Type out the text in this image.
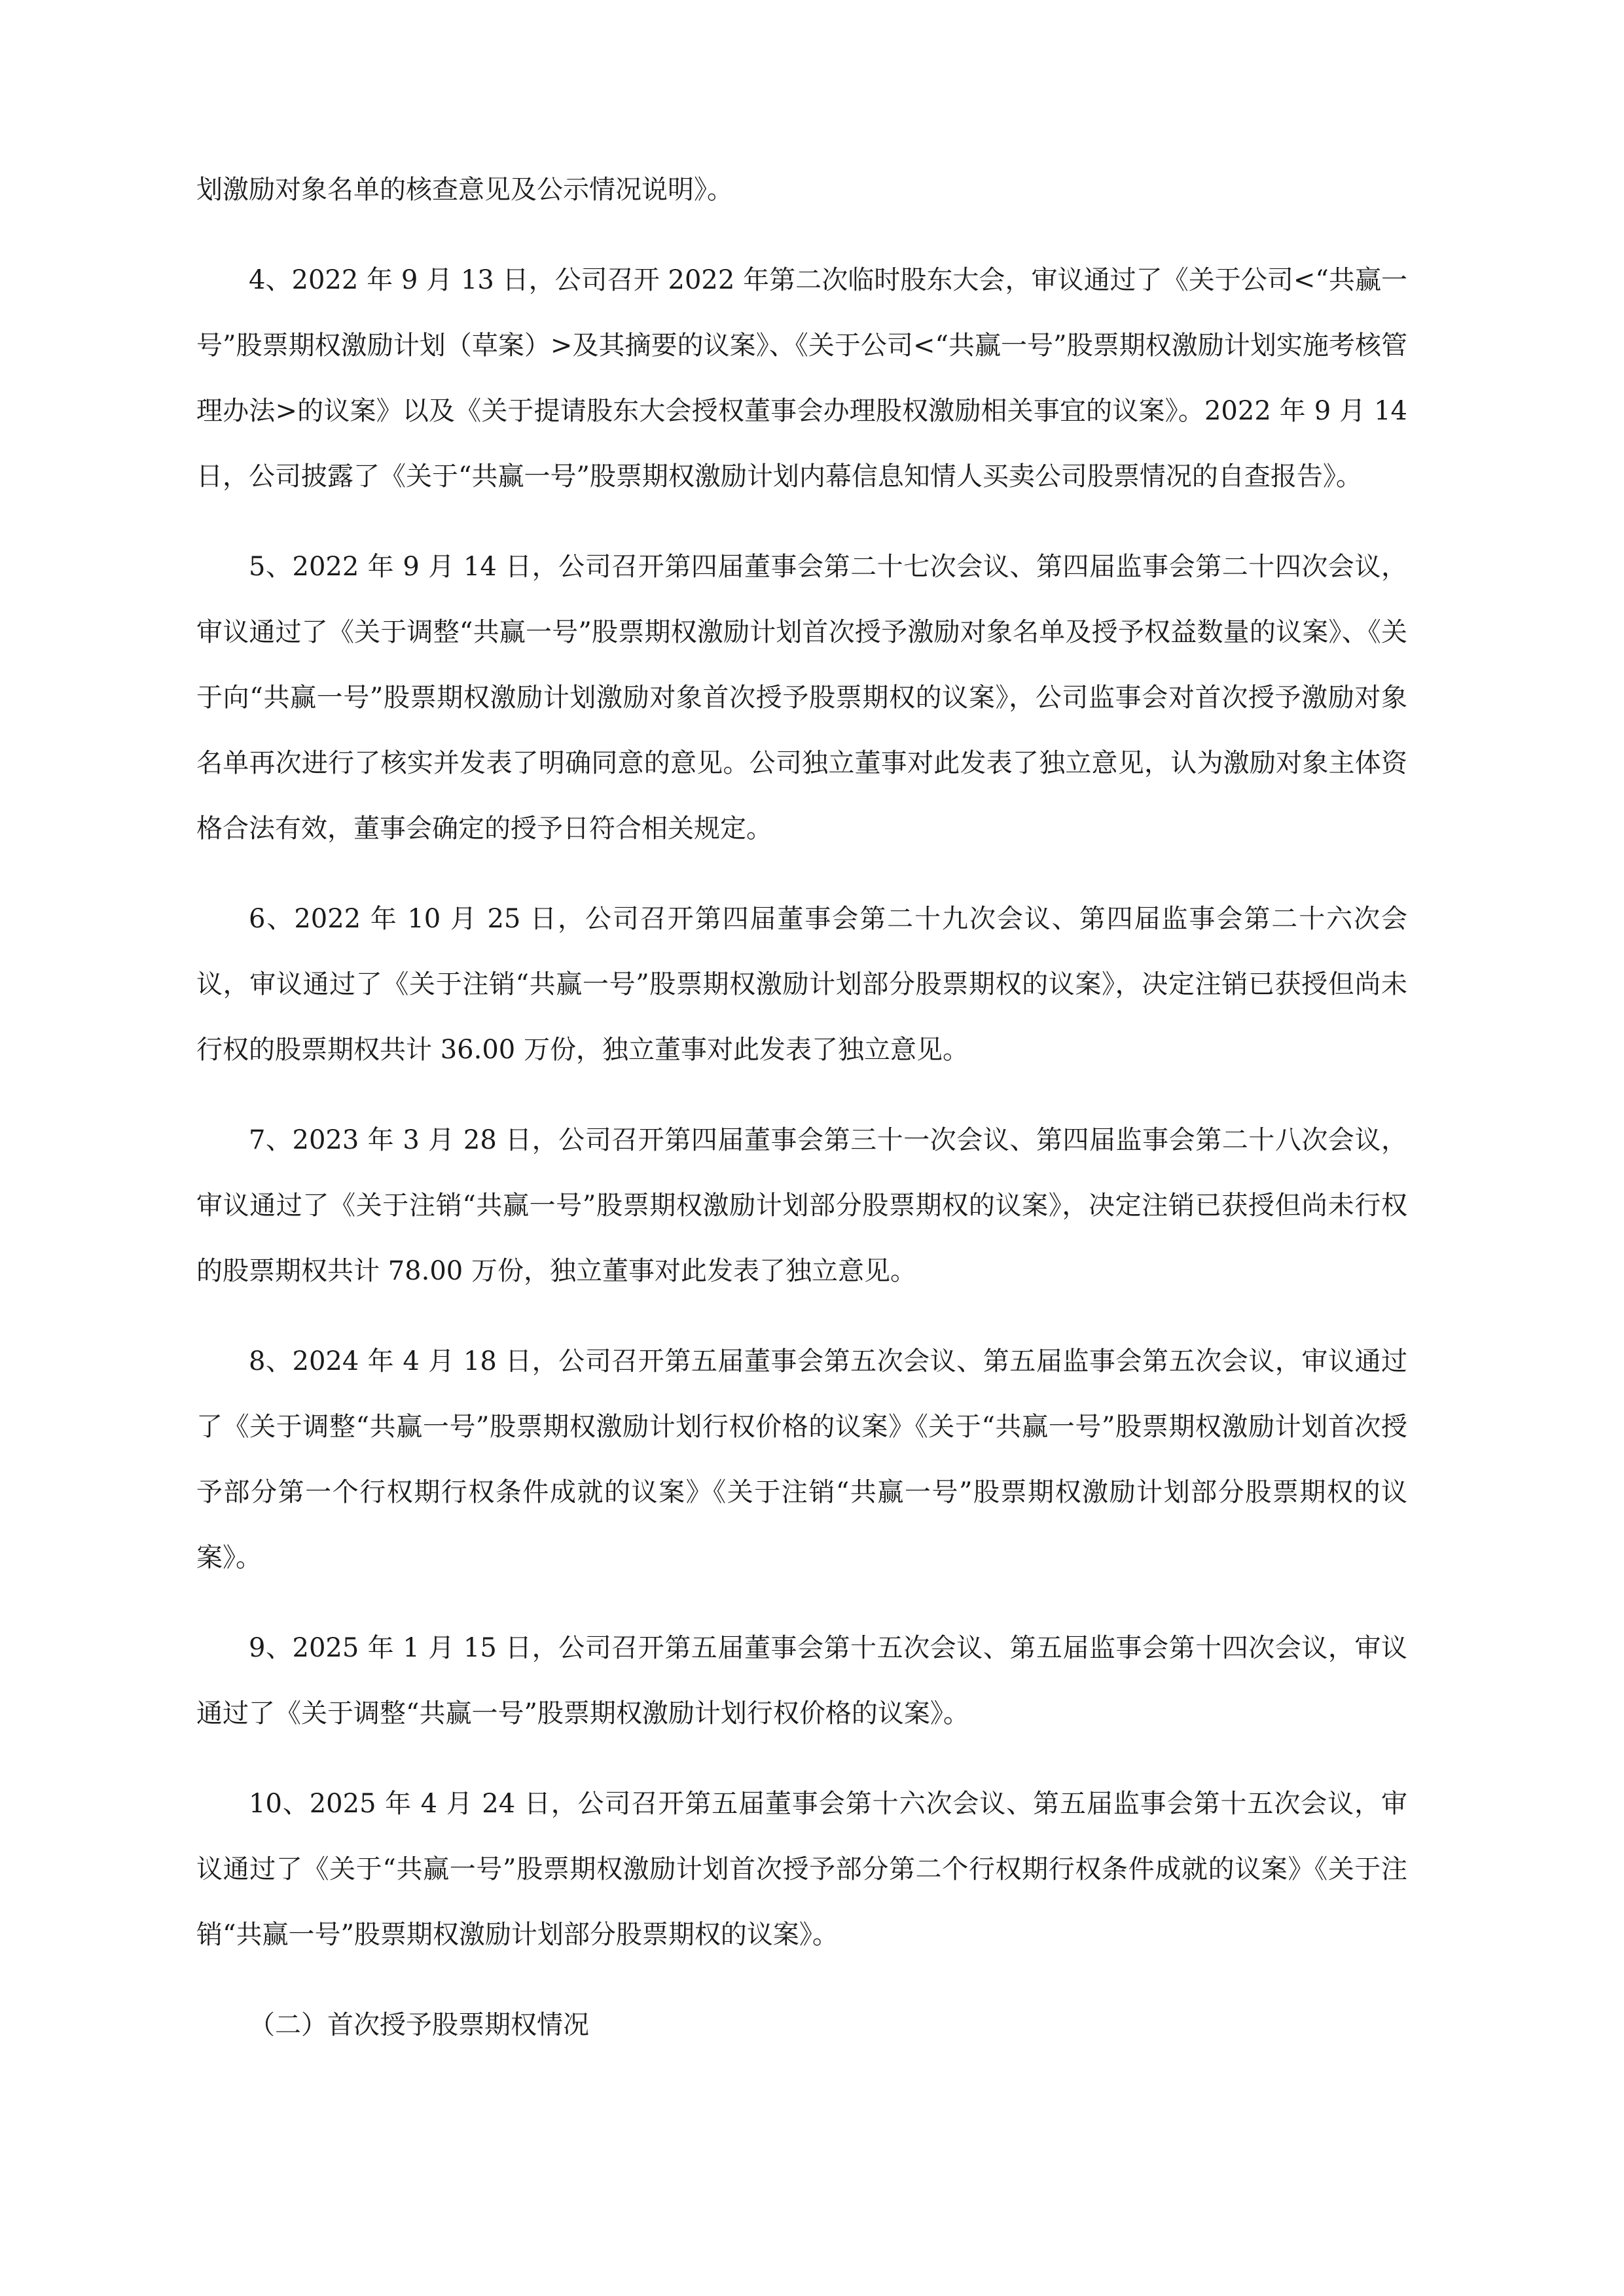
划激励对象名单的核查意见及公示情况说明》。

4、2022 年 9 月 13 日，公司召开 2022 年第二次临时股东大会，审议通过了《关于公司<“共赢一号”股票期权激励计划（草案）>及其摘要的议案》、《关于公司<“共赢一号”股票期权激励计划实施考核管理办法>的议案》以及《关于提请股东大会授权董事会办理股权激励相关事宜的议案》。2022 年 9 月 14 日，公司披露了《关于“共赢一号”股票期权激励计划内幕信息知情人买卖公司股票情况的自查报告》。

5、2022 年 9 月 14 日，公司召开第四届董事会第二十七次会议、第四届监事会第二十四次会议，审议通过了《关于调整“共赢一号”股票期权激励计划首次授予激励对象名单及授予权益数量的议案》、《关于向“共赢一号”股票期权激励计划激励对象首次授予股票期权的议案》，公司监事会对首次授予激励对象名单再次进行了核实并发表了明确同意的意见。公司独立董事对此发表了独立意见，认为激励对象主体资格合法有效，董事会确定的授予日符合相关规定。

6、2022 年 10 月 25 日，公司召开第四届董事会第二十九次会议、第四届监事会第二十六次会议，审议通过了《关于注销“共赢一号”股票期权激励计划部分股票期权的议案》，决定注销已获授但尚未行权的股票期权共计 36.00 万份，独立董事对此发表了独立意见。

7、2023 年 3 月 28 日，公司召开第四届董事会第三十一次会议、第四届监事会第二十八次会议，审议通过了《关于注销“共赢一号”股票期权激励计划部分股票期权的议案》，决定注销已获授但尚未行权的股票期权共计 78.00 万份，独立董事对此发表了独立意见。

8、2024 年 4 月 18 日，公司召开第五届董事会第五次会议、第五届监事会第五次会议，审议通过了《关于调整“共赢一号”股票期权激励计划行权价格的议案》《关于“共赢一号”股票期权激励计划首次授予部分第一个行权期行权条件成就的议案》《关于注销“共赢一号”股票期权激励计划部分股票期权的议案》。

9、2025 年 1 月 15 日，公司召开第五届董事会第十五次会议、第五届监事会第十四次会议，审议通过了《关于调整“共赢一号”股票期权激励计划行权价格的议案》。

10、2025 年 4 月 24 日，公司召开第五届董事会第十六次会议、第五届监事会第十五次会议，审议通过了《关于“共赢一号”股票期权激励计划首次授予部分第二个行权期行权条件成就的议案》《关于注销“共赢一号”股票期权激励计划部分股票期权的议案》。

（二）首次授予股票期权情况
